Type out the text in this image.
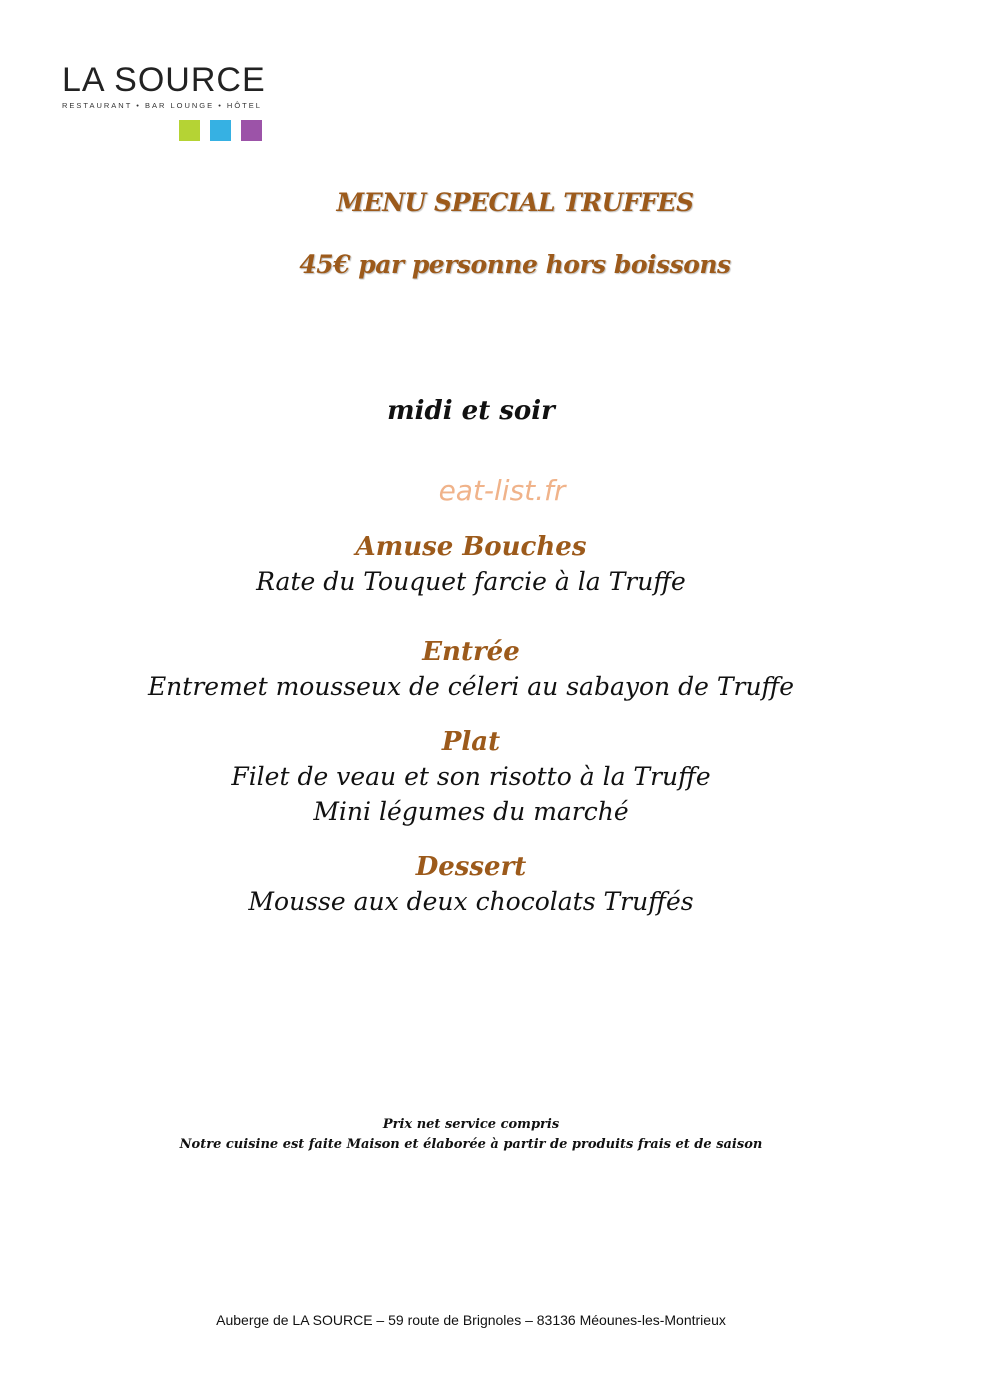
LA SOURCE
RESTAURANT • BAR LOUNGE • HÔTEL
MENU SPECIAL TRUFFES
45€ par personne hors boissons
midi et soir
eat-list.fr
Amuse Bouches
Rate du Touquet farcie à la Truffe
Entrée
Entremet mousseux de céleri au sabayon de Truffe
Plat
Filet de veau et son risotto à la Truffe
Mini légumes du marché
Dessert
Mousse aux deux chocolats Truffés
Prix net service compris
Notre cuisine est faite Maison et élaborée à partir de produits frais et de saison
Auberge de LA SOURCE – 59 route de Brignoles – 83136 Méounes-les-Montrieux
